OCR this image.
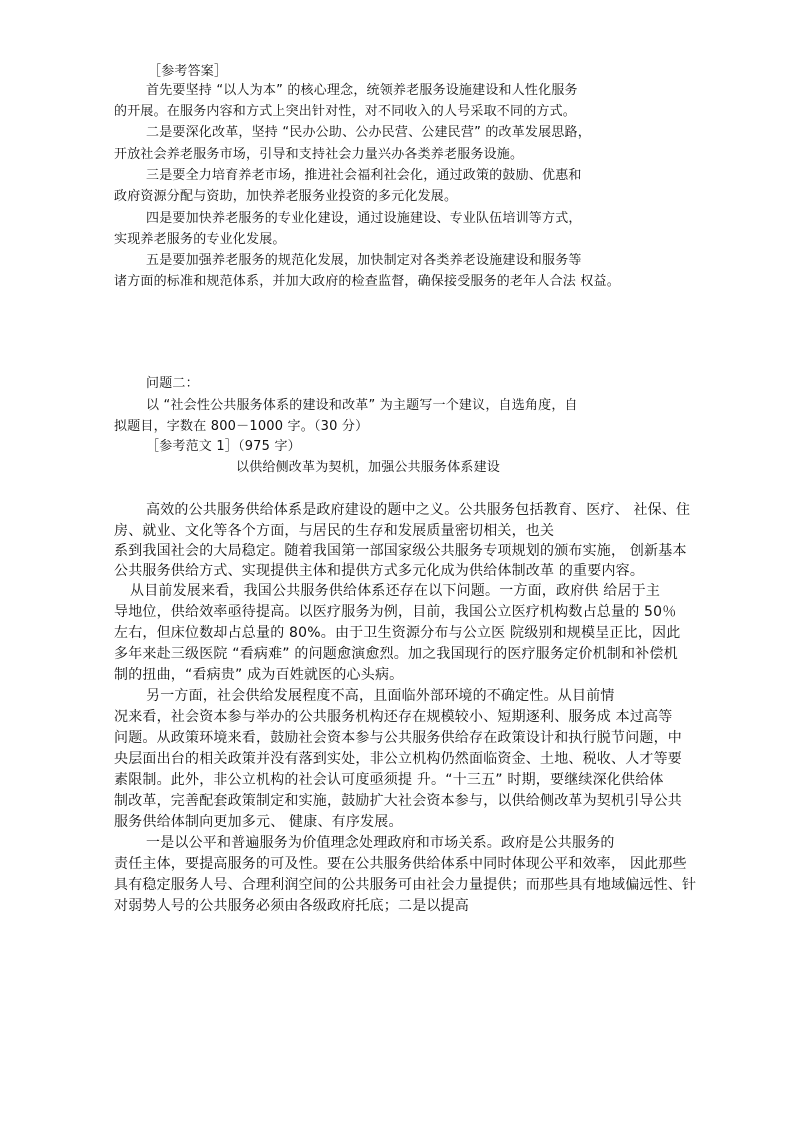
［参考答案］
首先要坚持 “以人为本” 的核心理念，统领养老服务设施建设和人性化服务
的开展。在服务内容和方式上突出针对性，对不同收入的人号采取不同的方式。
二是要深化改革，坚持 “民办公助、公办民营、公建民营” 的改革发展思路，
开放社会养老服务市场，引导和支持社会力量兴办各类养老服务设施。
三是要全力培育养老市场，推进社会福利社会化，通过政策的鼓励、优惠和
政府资源分配与资助，加快养老服务业投资的多元化发展。
四是要加快养老服务的专业化建设，通过设施建设、专业队伍培训等方式，
实现养老服务的专业化发展。
五是要加强养老服务的规范化发展，加快制定对各类养老设施建设和服务等
诸方面的标准和规范体系，并加大政府的检查监督，确保接受服务的老年人合法 权益。
问题二：
以 “社会性公共服务体系的建设和改革” 为主题写一个建议，自选角度，自
拟题目，字数在 800－1000 字。（30 分）
［参考范文 1］（975 字）
以供给侧改革为契机，加强公共服务体系建设
高效的公共服务供给体系是政府建设的题中之义。公共服务包括教育、医疗、 社保、住
房、就业、文化等各个方面，与居民的生存和发展质量密切相关，也关
系到我国社会的大局稳定。随着我国第一部国家级公共服务专项规划的颁布实施， 创新基本
公共服务供给方式、实现提供主体和提供方式多元化成为供给体制改革 的重要内容。
从目前发展来看，我国公共服务供给体系还存在以下问题。一方面，政府供 给居于主
导地位，供给效率亟待提高。以医疗服务为例，目前，我国公立医疗机构数占总量的 50％
左右，但床位数却占总量的 80%。由于卫生资源分布与公立医 院级别和规模呈正比，因此
多年来赴三级医院 “看病难” 的问题愈演愈烈。加之我国现行的医疗服务定价机制和补偿机
制的扭曲，“看病贵” 成为百姓就医的心头病。
另一方面，社会供给发展程度不高，且面临外部环境的不确定性。从目前情
况来看，社会资本参与举办的公共服务机构还存在规模较小、短期逐利、服务成 本过高等
问题。从政策环境来看，鼓励社会资本参与公共服务供给存在政策设计和执行脱节问题，中
央层面出台的相关政策并没有落到实处，非公立机构仍然面临资金、土地、税收、人才等要
素限制。此外，非公立机构的社会认可度亟须提 升。“十三五” 时期，要继续深化供给体
制改革，完善配套政策制定和实施，鼓励扩大社会资本参与，以供给侧改革为契机引导公共
服务供给体制向更加多元、 健康、有序发展。
一是以公平和普遍服务为价值理念处理政府和市场关系。政府是公共服务的
责任主体，要提高服务的可及性。要在公共服务供给体系中同时体现公平和效率， 因此那些
具有稳定服务人号、合理利润空间的公共服务可由社会力量提供；而那些具有地域偏远性、针
对弱势人号的公共服务必须由各级政府托底；二是以提高
